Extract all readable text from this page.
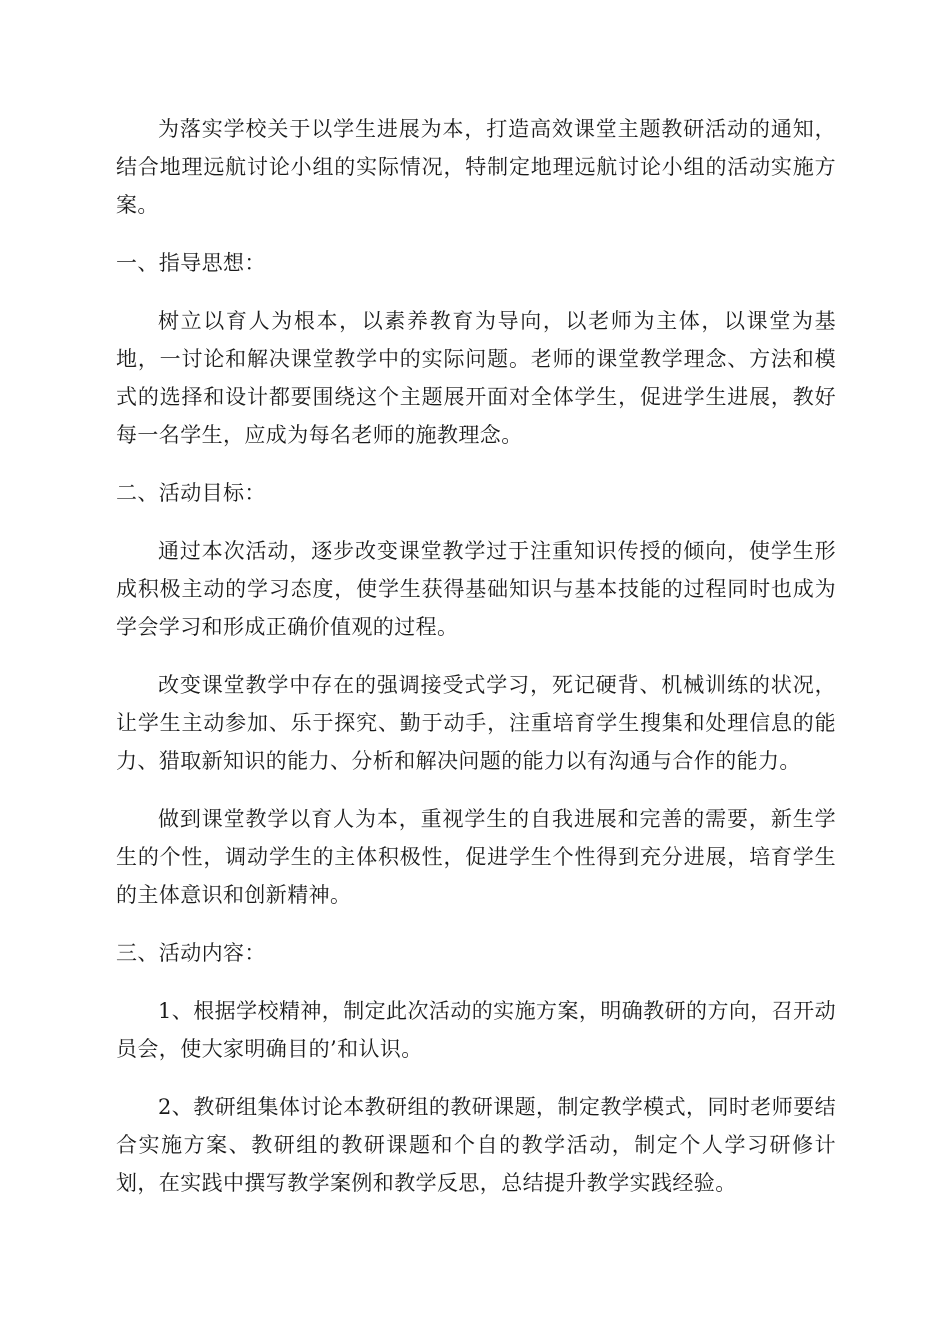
为落实学校关于以学生进展为本，打造高效课堂主题教研活动的通知，结合地理远航讨论小组的实际情况，特制定地理远航讨论小组的活动实施方案。

一、指导思想：

树立以育人为根本，以素养教育为导向，以老师为主体，以课堂为基地，一讨论和解决课堂教学中的实际问题。老师的课堂教学理念、方法和模式的选择和设计都要围绕这个主题展开面对全体学生，促进学生进展，教好每一名学生，应成为每名老师的施教理念。

二、活动目标：

通过本次活动，逐步改变课堂教学过于注重知识传授的倾向，使学生形成积极主动的学习态度，使学生获得基础知识与基本技能的过程同时也成为学会学习和形成正确价值观的过程。

改变课堂教学中存在的强调接受式学习，死记硬背、机械训练的状况，让学生主动参加、乐于探究、勤于动手，注重培育学生搜集和处理信息的能力、猎取新知识的能力、分析和解决问题的能力以有沟通与合作的能力。

做到课堂教学以育人为本，重视学生的自我进展和完善的需要，新生学生的个性，调动学生的主体积极性，促进学生个性得到充分进展，培育学生的主体意识和创新精神。

三、活动内容：

1、根据学校精神，制定此次活动的实施方案，明确教研的方向，召开动员会，使大家明确目的’和认识。

2、教研组集体讨论本教研组的教研课题，制定教学模式，同时老师要结合实施方案、教研组的教研课题和个自的教学活动，制定个人学习研修计划，在实践中撰写教学案例和教学反思，总结提升教学实践经验。
